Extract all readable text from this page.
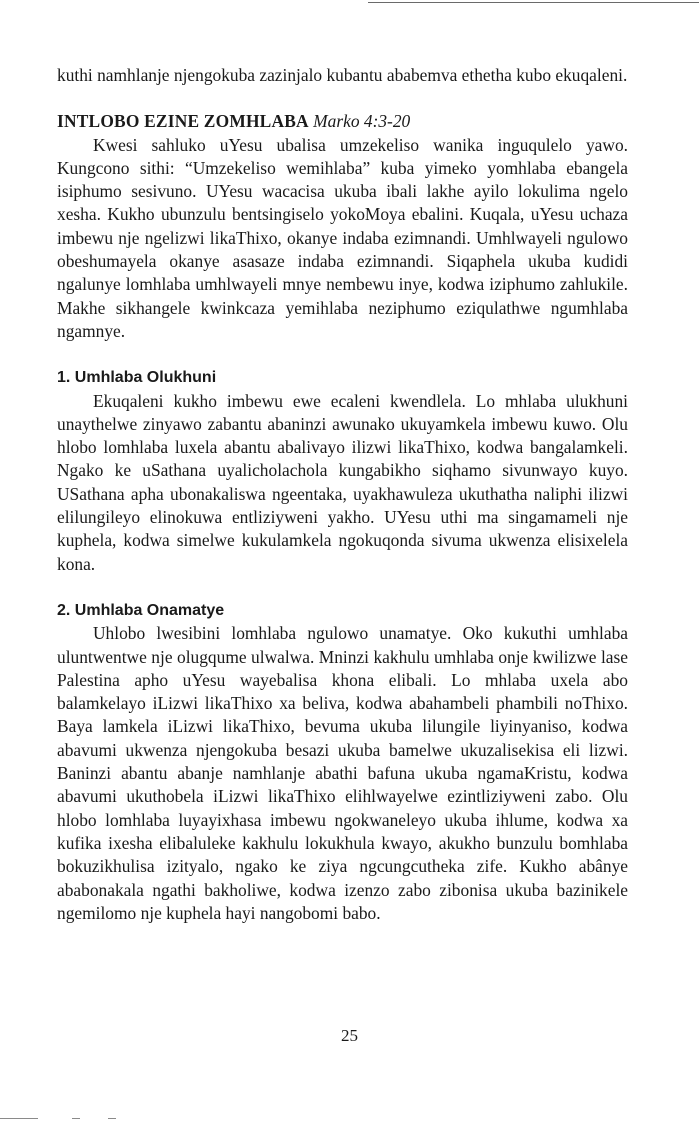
kuthi namhlanje njengokuba zazinjalo kubantu ababemva ethetha kubo ekuqaleni.

INTLOBO EZINE ZOMHLABA Marko 4:3-20

Kwesi sahluko uYesu ubalisa umzekeliso wanika inguqulelo yawo. Kungcono sithi: “Umzekeliso wemihlaba” kuba yimeko yomhlaba ebangela isiphumo sesivuno. UYesu wacacisa ukuba ibali lakhe ayilo lokulima ngelo xesha. Kukho ubunzulu bentsingiselo yokoMoya ebalini. Kuqala, uYesu uchaza imbewu nje ngelizwi likaThixo, okanye indaba ezimnandi. Umhlwayeli ngulowo obeshumayela okanye asasaze indaba ezimnandi. Siqaphela ukuba kudidi ngalunye lomhlaba umhlwayeli mnye nembewu inye, kodwa iziphumo zahlukile. Makhe sikhangele kwinkcaza yemihlaba neziphumo eziqulathwe ngumhlaba ngamnye.

1. Umhlaba Olukhuni

Ekuqaleni kukho imbewu ewe ecaleni kwendlela. Lo mhlaba ulukhuni unaythelwe zinyawo zabantu abaninzi awunako ukuyamkela imbewu kuwo. Olu hlobo lomhlaba luxela abantu abalivayo ilizwi likaThixo, kodwa bangalamkeli. Ngako ke uSathana uyalicholachola kungabikho siqhamo sivunwayo kuyo. USathana apha ubonakaliswa ngeentaka, uyakhawuleza ukuthatha naliphi ilizwi elilungileyo elinokuwa entliziyweni yakho. UYesu uthi ma singamameli nje kuphela, kodwa simelwe kukulamkela ngokuqonda sivuma ukwenza elisixelela kona.

2. Umhlaba Onamatye

Uhlobo lwesibini lomhlaba ngulowo unamatye. Oko kukuthi umhlaba uluntwentwe nje olugqume ulwalwa. Mninzi kakhulu umhlaba onje kwilizwe lase Palestina apho uYesu wayebalisa khona elibali. Lo mhlaba uxela abo balamkelayo iLizwi likaThixo xa beliva, kodwa abahambeli phambili noThixo. Baya lamkela iLizwi likaThixo, bevuma ukuba lilungile liyinyaniso, kodwa abavumi ukwenza njengokuba besazi ukuba bamelwe ukuzalisekisa eli lizwi. Baninzi abantu abanje namhlanje abathi bafuna ukuba ngamaKristu, kodwa abavumi ukuthobela iLizwi likaThixo elihlwayelwe ezintliziyweni zabo. Olu hlobo lomhlaba luyayixhasa imbewu ngokwaneleyo ukuba ihlume, kodwa xa kufika ixesha elibaluleke kakhulu lokukhula kwayo, akukho bunzulu bomhlaba bokuzikhulisa izityalo, ngako ke ziya ngcungcutheka zife. Kukho abânye ababonakala ngathi bakholiwe, kodwa izenzo zabo zibonisa ukuba bazinikele ngemilomo nje kuphela hayi nangobomi babo.

25
